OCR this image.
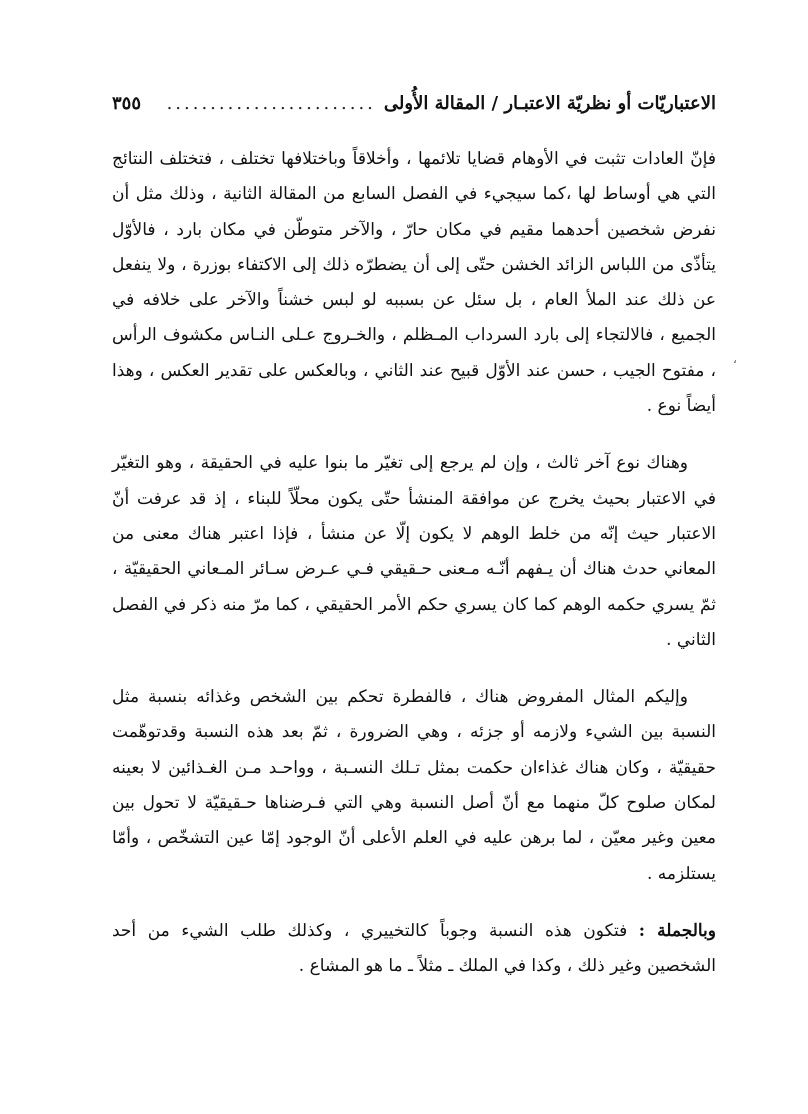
الاعتباريّات أو نظريّة الاعتبـار / المقالة الأُولى
........................
٣٥٥
،

فإنّ العادات تثبت في الأوهام قضايا تلائمها ، وأخلاقاً وباختلافها تختلف ، فتختلف النتائج التي هي أوساط لها ،كما سيجيء في الفصل السابع من المقالة الثانية ، وذلك مثل أن نفرض شخصين أحدهما مقيم في مكان حارّ ، والآخر متوطّن في مكان بارد ، فالأوّل يتأذّى من اللباس الزائد الخشن حتّى إلى أن يضطرّه ذلك إلى الاكتفاء بوزرة ، ولا ينفعل عن ذلك عند الملأ العام ، بل سئل عن بسببه لو لبس خشناً والآخر على خلافه في الجميع ، فالالتجاء إلى بارد السرداب المـظلم ، والخـروج عـلى النـاس مكشوف الرأس ، مفتوح الجيب ، حسن عند الأوّل قبيح عند الثاني ، وبالعكس على تقدير العكس ، وهذا أيضاً نوع .

وهناك نوع آخر ثالث ، وإن لم يرجع إلى تغيّر ما بنوا عليه في الحقيقة ، وهو التغيّر في الاعتبار بحيث يخرج عن موافقة المنشأ حتّى يكون محلّاً للبناء ، إذ قد عرفت أنّ الاعتبار حيث إنّه من خلط الوهم لا يكون إلّا عن منشأ ، فإذا اعتبر هناك معنى من المعاني حدث هناك أن يـفهم أنّـه مـعنى حـقيقي فـي عـرض سـائر المـعاني الحقيقيّة ، ثمّ يسري حكمه الوهم كما كان يسري حكم الأمر الحقيقي ، كما مرّ منه ذكر في الفصل الثاني .

وإليكم المثال المفروض هناك ، فالفطرة تحكم بين الشخص وغذائه بنسبة مثل النسبة بين الشيء ولازمه أو جزئه ، وهي الضرورة ، ثمّ بعد هذه النسبة وقدتوهّمت حقيقيّة ، وكان هناك غذاءان حكمت بمثل تـلك النسـبة ، وواحـد مـن الغـذائين لا بعينه لمكان صلوح كلّ منهما مع أنّ أصل النسبة وهي التي فـرضناها حـقيقيّة لا تحول بين معين وغير معيّن ، لما برهن عليه في العلم الأعلى أنّ الوجود إمّا عين التشخّص ، وأمّا يستلزمه .

وبالجملة : فتكون هذه النسبة وجوباً كالتخييري ، وكذلك طلب الشيء من أحد الشخصين وغير ذلك ، وكذا في الملك ـ مثلاً ـ ما هو المشاع .
